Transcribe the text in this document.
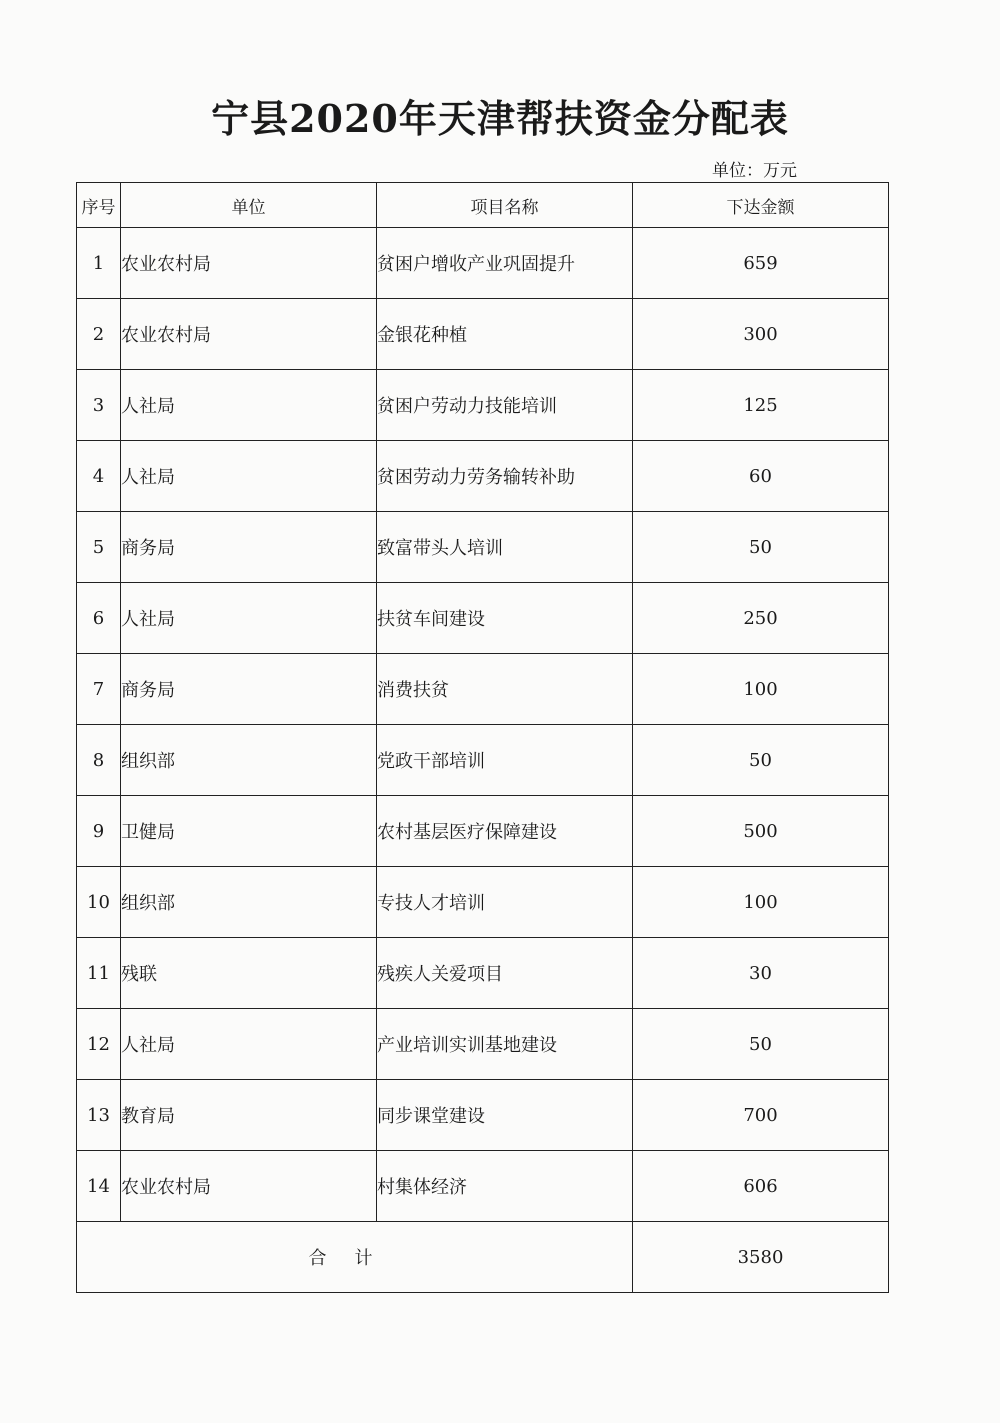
宁县2020年天津帮扶资金分配表
单位：万元
序号	单位	项目名称	下达金额
1	农业农村局	贫困户增收产业巩固提升	659
2	农业农村局	金银花种植	300
3	人社局	贫困户劳动力技能培训	125
4	人社局	贫困劳动力劳务输转补助	60
5	商务局	致富带头人培训	50
6	人社局	扶贫车间建设	250
7	商务局	消费扶贫	100
8	组织部	党政干部培训	50
9	卫健局	农村基层医疗保障建设	500
10	组织部	专技人才培训	100
11	残联	残疾人关爱项目	30
12	人社局	产业培训实训基地建设	50
13	教育局	同步课堂建设	700
14	农业农村局	村集体经济	606
合计			3580
